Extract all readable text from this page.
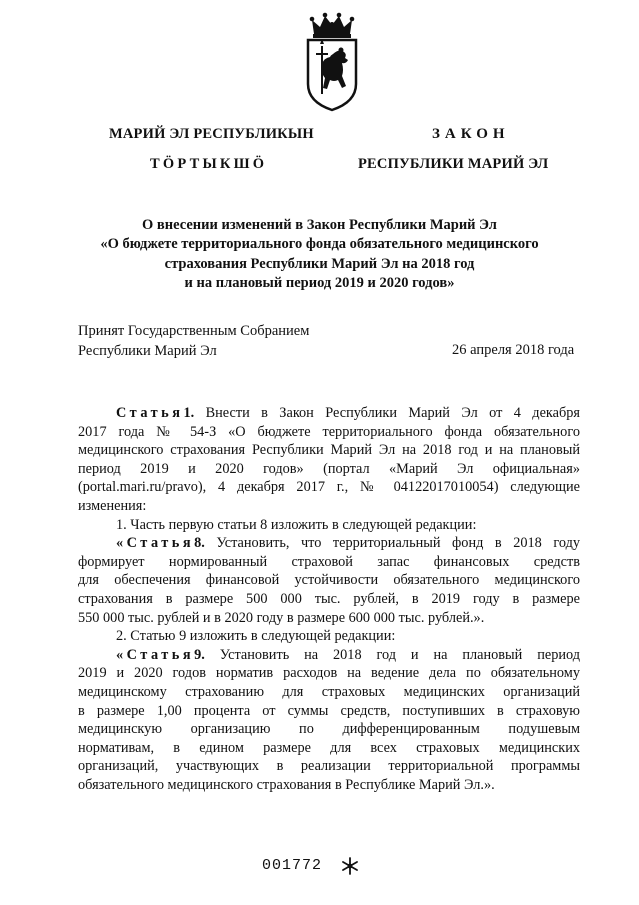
МАРИЙ ЭЛ РЕСПУБЛИКЫН
ТӦРТЫКШӦ
ЗАКОН
РЕСПУБЛИКИ МАРИЙ ЭЛ
О внесении изменений в Закон Республики Марий Эл
«О бюджете территориального фонда обязательного медицинского
страхования Республики Марий Эл на 2018 год
и на плановый период 2019 и 2020 годов»
Принят Государственным Собранием
Республики Марий Эл	26 апреля 2018 года

Статья1. Внести в Закон Республики Марий Эл от 4 декабря

2017 года № 54-З «О бюджете территориального фонда обязательного

медицинского страхования Республики Марий Эл на 2018 год и на плановый

период 2019 и 2020 годов» (портал «Марий Эл официальная»

(portal.mari.ru/pravo), 4 декабря 2017 г., № 04122017010054) следующие

изменения:

1. Часть первую статьи 8 изложить в следующей редакции:

«Статья8. Установить, что территориальный фонд в 2018 году

формирует нормированный страховой запас финансовых средств

для обеспечения финансовой устойчивости обязательного медицинского

страхования в размере 500 000 тыс. рублей, в 2019 году в размере

550 000 тыс. рублей и в 2020 году в размере 600 000 тыс. рублей.».

2. Статью 9 изложить в следующей редакции:

«Статья9. Установить на 2018 год и на плановый период

2019 и 2020 годов норматив расходов на ведение дела по обязательному

медицинскому страхованию для страховых медицинских организаций

в размере 1,00 процента от суммы средств, поступивших в страховую

медицинскую организацию по дифференцированным подушевым

нормативам, в едином размере для всех страховых медицинских

организаций, участвующих в реализации территориальной программы

обязательного медицинского страхования в Республике Марий Эл.».

001772
